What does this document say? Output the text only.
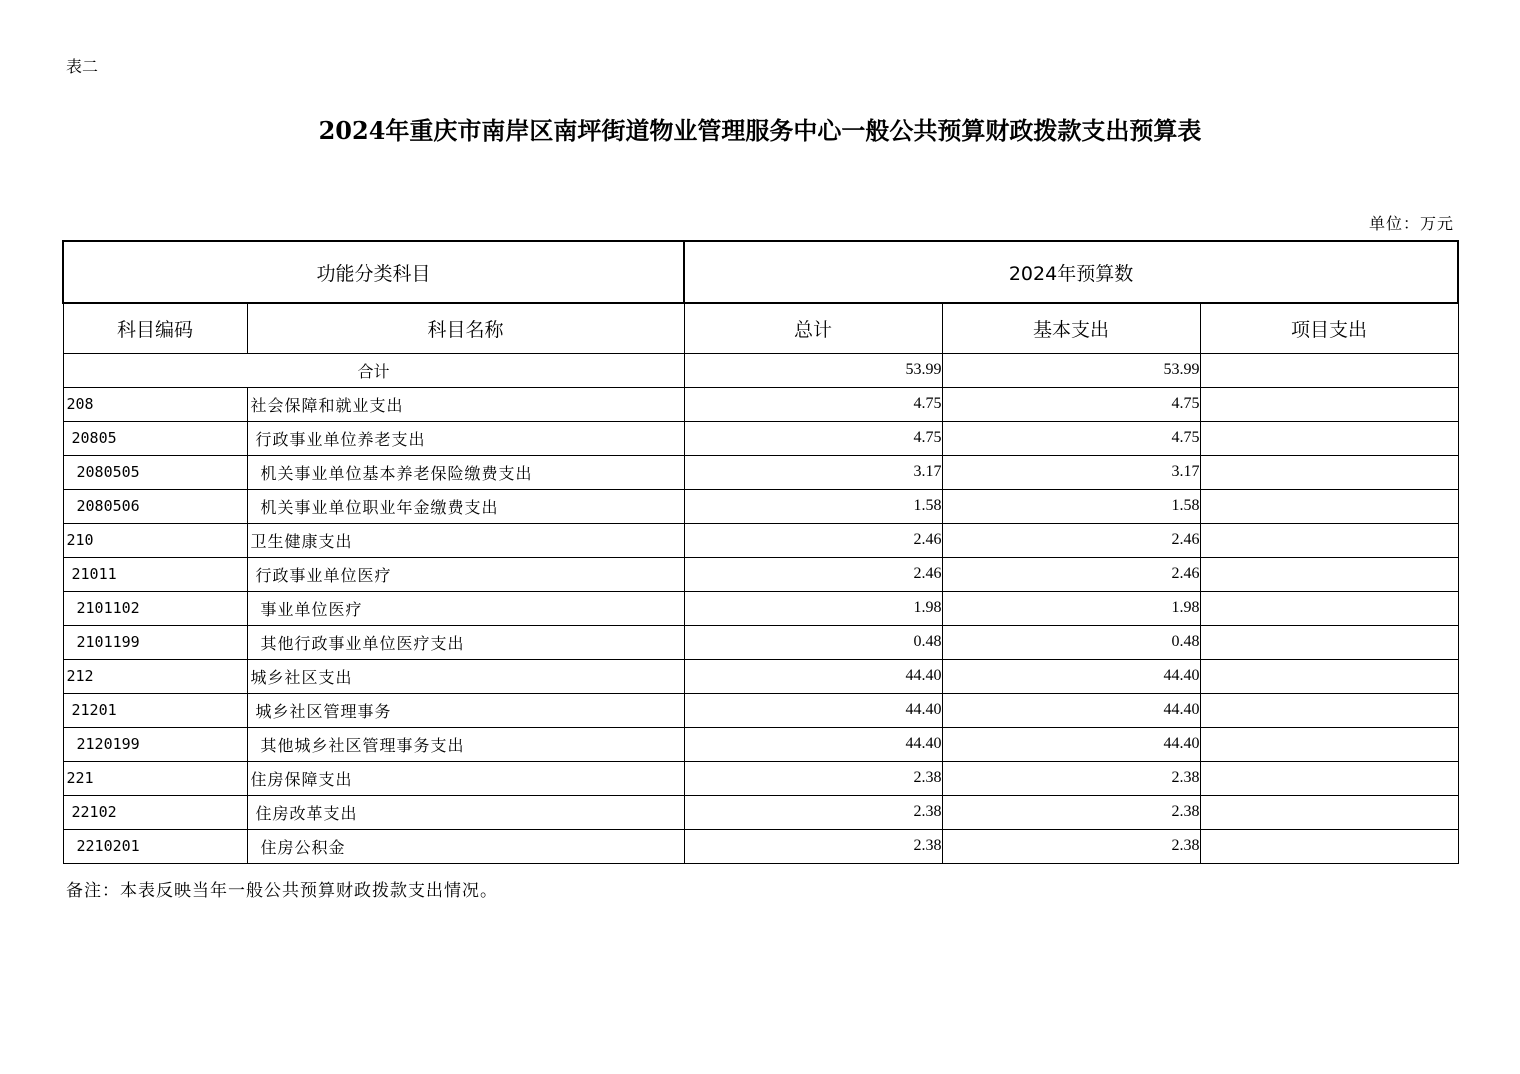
表二
2024年重庆市南岸区南坪街道物业管理服务中心一般公共预算财政拨款支出预算表
单位：万元
功能分类科目		2024年预算数		
科目编码	科目名称	总计	基本支出	项目支出
合计		53.99	53.99	
208	社会保障和就业支出	4.75	4.75	
20805	行政事业单位养老支出	4.75	4.75	
2080505	机关事业单位基本养老保险缴费支出	3.17	3.17	
2080506	机关事业单位职业年金缴费支出	1.58	1.58	
210	卫生健康支出	2.46	2.46	
21011	行政事业单位医疗	2.46	2.46	
2101102	事业单位医疗	1.98	1.98	
2101199	其他行政事业单位医疗支出	0.48	0.48	
212	城乡社区支出	44.40	44.40	
21201	城乡社区管理事务	44.40	44.40	
2120199	其他城乡社区管理事务支出	44.40	44.40	
221	住房保障支出	2.38	2.38	
22102	住房改革支出	2.38	2.38	
2210201	住房公积金	2.38	2.38	
备注：本表反映当年一般公共预算财政拨款支出情况。
